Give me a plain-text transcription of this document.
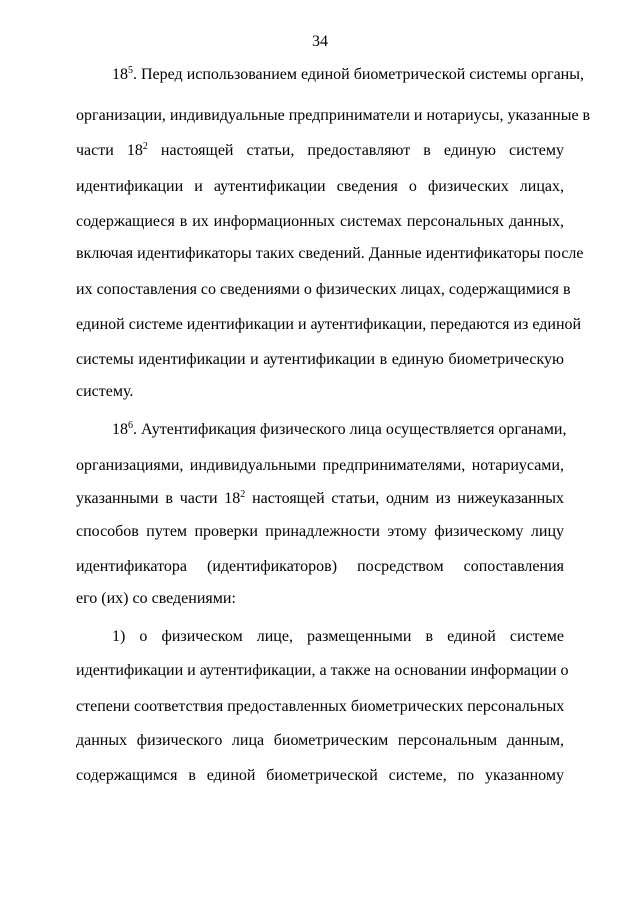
34
$18^5$. Перед использованием единой биометрической системы органы,
организации, индивидуальные предприниматели и нотариусы, указанные в
части $18^2$ настоящей статьи, предоставляют в единую систему
идентификации и аутентификации сведения о физических лицах,
содержащиеся в их информационных системах персональных данных,
включая идентификаторы таких сведений. Данные идентификаторы после
их сопоставления со сведениями о физических лицах, содержащимися в
единой системе идентификации и аутентификации, передаются из единой
системы идентификации и аутентификации в единую биометрическую
систему.
$18^6$. Аутентификация физического лица осуществляется органами,
организациями, индивидуальными предпринимателями, нотариусами,
указанными в части $18^2$ настоящей статьи, одним из нижеуказанных
способов путем проверки принадлежности этому физическому лицу
идентификатора (идентификаторов) посредством сопоставления
его (их) со сведениями:
1) о физическом лице, размещенными в единой системе
идентификации и аутентификации, а также на основании информации о
степени соответствия предоставленных биометрических персональных
данных физического лица биометрическим персональным данным,
содержащимся в единой биометрической системе, по указанному
